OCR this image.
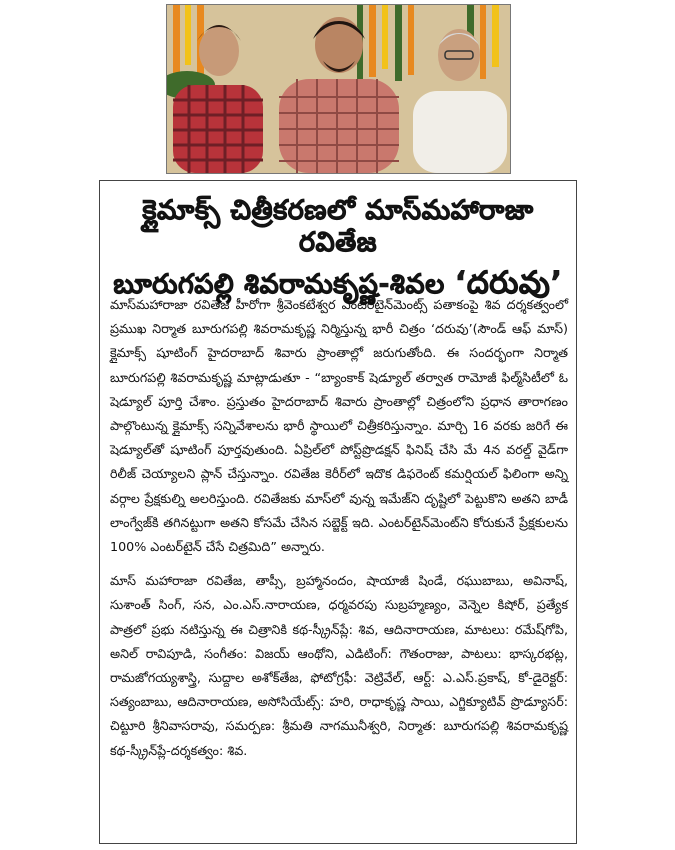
క్లైమాక్స్ చిత్రీకరణలో మాస్‌మహారాజా రవితేజ
బూరుగపల్లి శివరామకృష్ణ-శివల ‘దరువు’

మాస్‌మహారాజా రవితేజ హీరోగా శ్రీవెంకటేశ్వర ఎంటర్‌టైన్‌మెంట్స్ పతాకంపై శివ దర్శకత్వంలో ప్రముఖ నిర్మాత బూరుగపల్లి శివరామకృష్ణ నిర్మిస్తున్న భారీ చిత్రం ‘దరువు’(సౌండ్ ఆఫ్ మాస్) క్లైమాక్స్ షూటింగ్ హైదరాబాద్ శివారు ప్రాంతాల్లో జరుగుతోంది. ఈ సందర్భంగా నిర్మాత బూరుగపల్లి శివరామకృష్ణ మాట్లాడుతూ - “బ్యాంకాక్ షెడ్యూల్ తర్వాత రామోజీ ఫిల్మ్‌సిటీలో ఓ షెడ్యూల్ పూర్తి చేశాం. ప్రస్తుతం హైదరాబాద్ శివారు ప్రాంతాల్లో చిత్రంలోని ప్రధాన తారాగణం పాల్గొంటున్న క్లైమాక్స్ సన్నివేశాలను భారీ స్థాయిలో చిత్రీకరిస్తున్నాం. మార్చి 16 వరకు జరిగే ఈ షెడ్యూల్‌తో షూటింగ్ పూర్తవుతుంది. ఏప్రిల్‌లో పోస్ట్‌ప్రొడక్షన్ ఫినిష్ చేసి మే 4న వరల్డ్ వైడ్‌గా రిలీజ్ చెయ్యాలని ప్లాన్ చేస్తున్నాం. రవితేజ కెరీర్‌లో ఇదొక డిఫరెంట్ కమర్షియల్ ఫిలింగా అన్ని వర్గాల ప్రేక్షకుల్ని అలరిస్తుంది. రవితేజకు మాస్‌లో వున్న ఇమేజ్‌ని దృష్టిలో పెట్టుకొని అతని బాడీ లాంగ్వేజ్‌కి తగినట్టుగా అతని కోసమే చేసిన సబ్జెక్ట్ ఇది. ఎంటర్‌టైన్‌మెంట్‌ని కోరుకునే ప్రేక్షకులను 100% ఎంటర్‌టైన్ చేసే చిత్రమిది” అన్నారు.

మాస్ మహారాజా రవితేజ, తాప్సీ, బ్రహ్మానందం, షాయాజీ షిండే, రఘుబాబు, అవినాష్, సుశాంత్ సింగ్, సన, ఎం.ఎస్.నారాయణ, ధర్మవరపు సుబ్రహ్మణ్యం, వెన్నెల కిషోర్, ప్రత్యేక పాత్రలో ప్రభు నటిస్తున్న ఈ చిత్రానికి కథ-స్క్రీన్‌ప్లే: శివ, ఆదినారాయణ, మాటలు: రమేష్‌గోపి, అనిల్ రావిపూడి, సంగీతం: విజయ్ ఆంథోని, ఎడిటింగ్: గౌతంరాజు, పాటలు: భాస్కరభట్ల, రామజోగయ్యశాస్త్రి, సుద్దాల అశోక్‌తేజ, ఫోటోగ్రఫీ: వెట్రివేల్, ఆర్ట్: ఎ.ఎస్.ప్రకాష్, కో-డైరెక్టర్: సత్యంబాబు, ఆదినారాయణ, అసోసియేట్స్: హరి, రాధాకృష్ణ సాయి, ఎగ్జిక్యూటివ్ ప్రొడ్యూసర్: చిట్టూరి శ్రీనివాసరావు, సమర్పణ: శ్రీమతి నాగమునీశ్వరి, నిర్మాత: బూరుగపల్లి శివరామకృష్ణ కథ-స్క్రీన్‌ప్లే-దర్శకత్వం: శివ.
